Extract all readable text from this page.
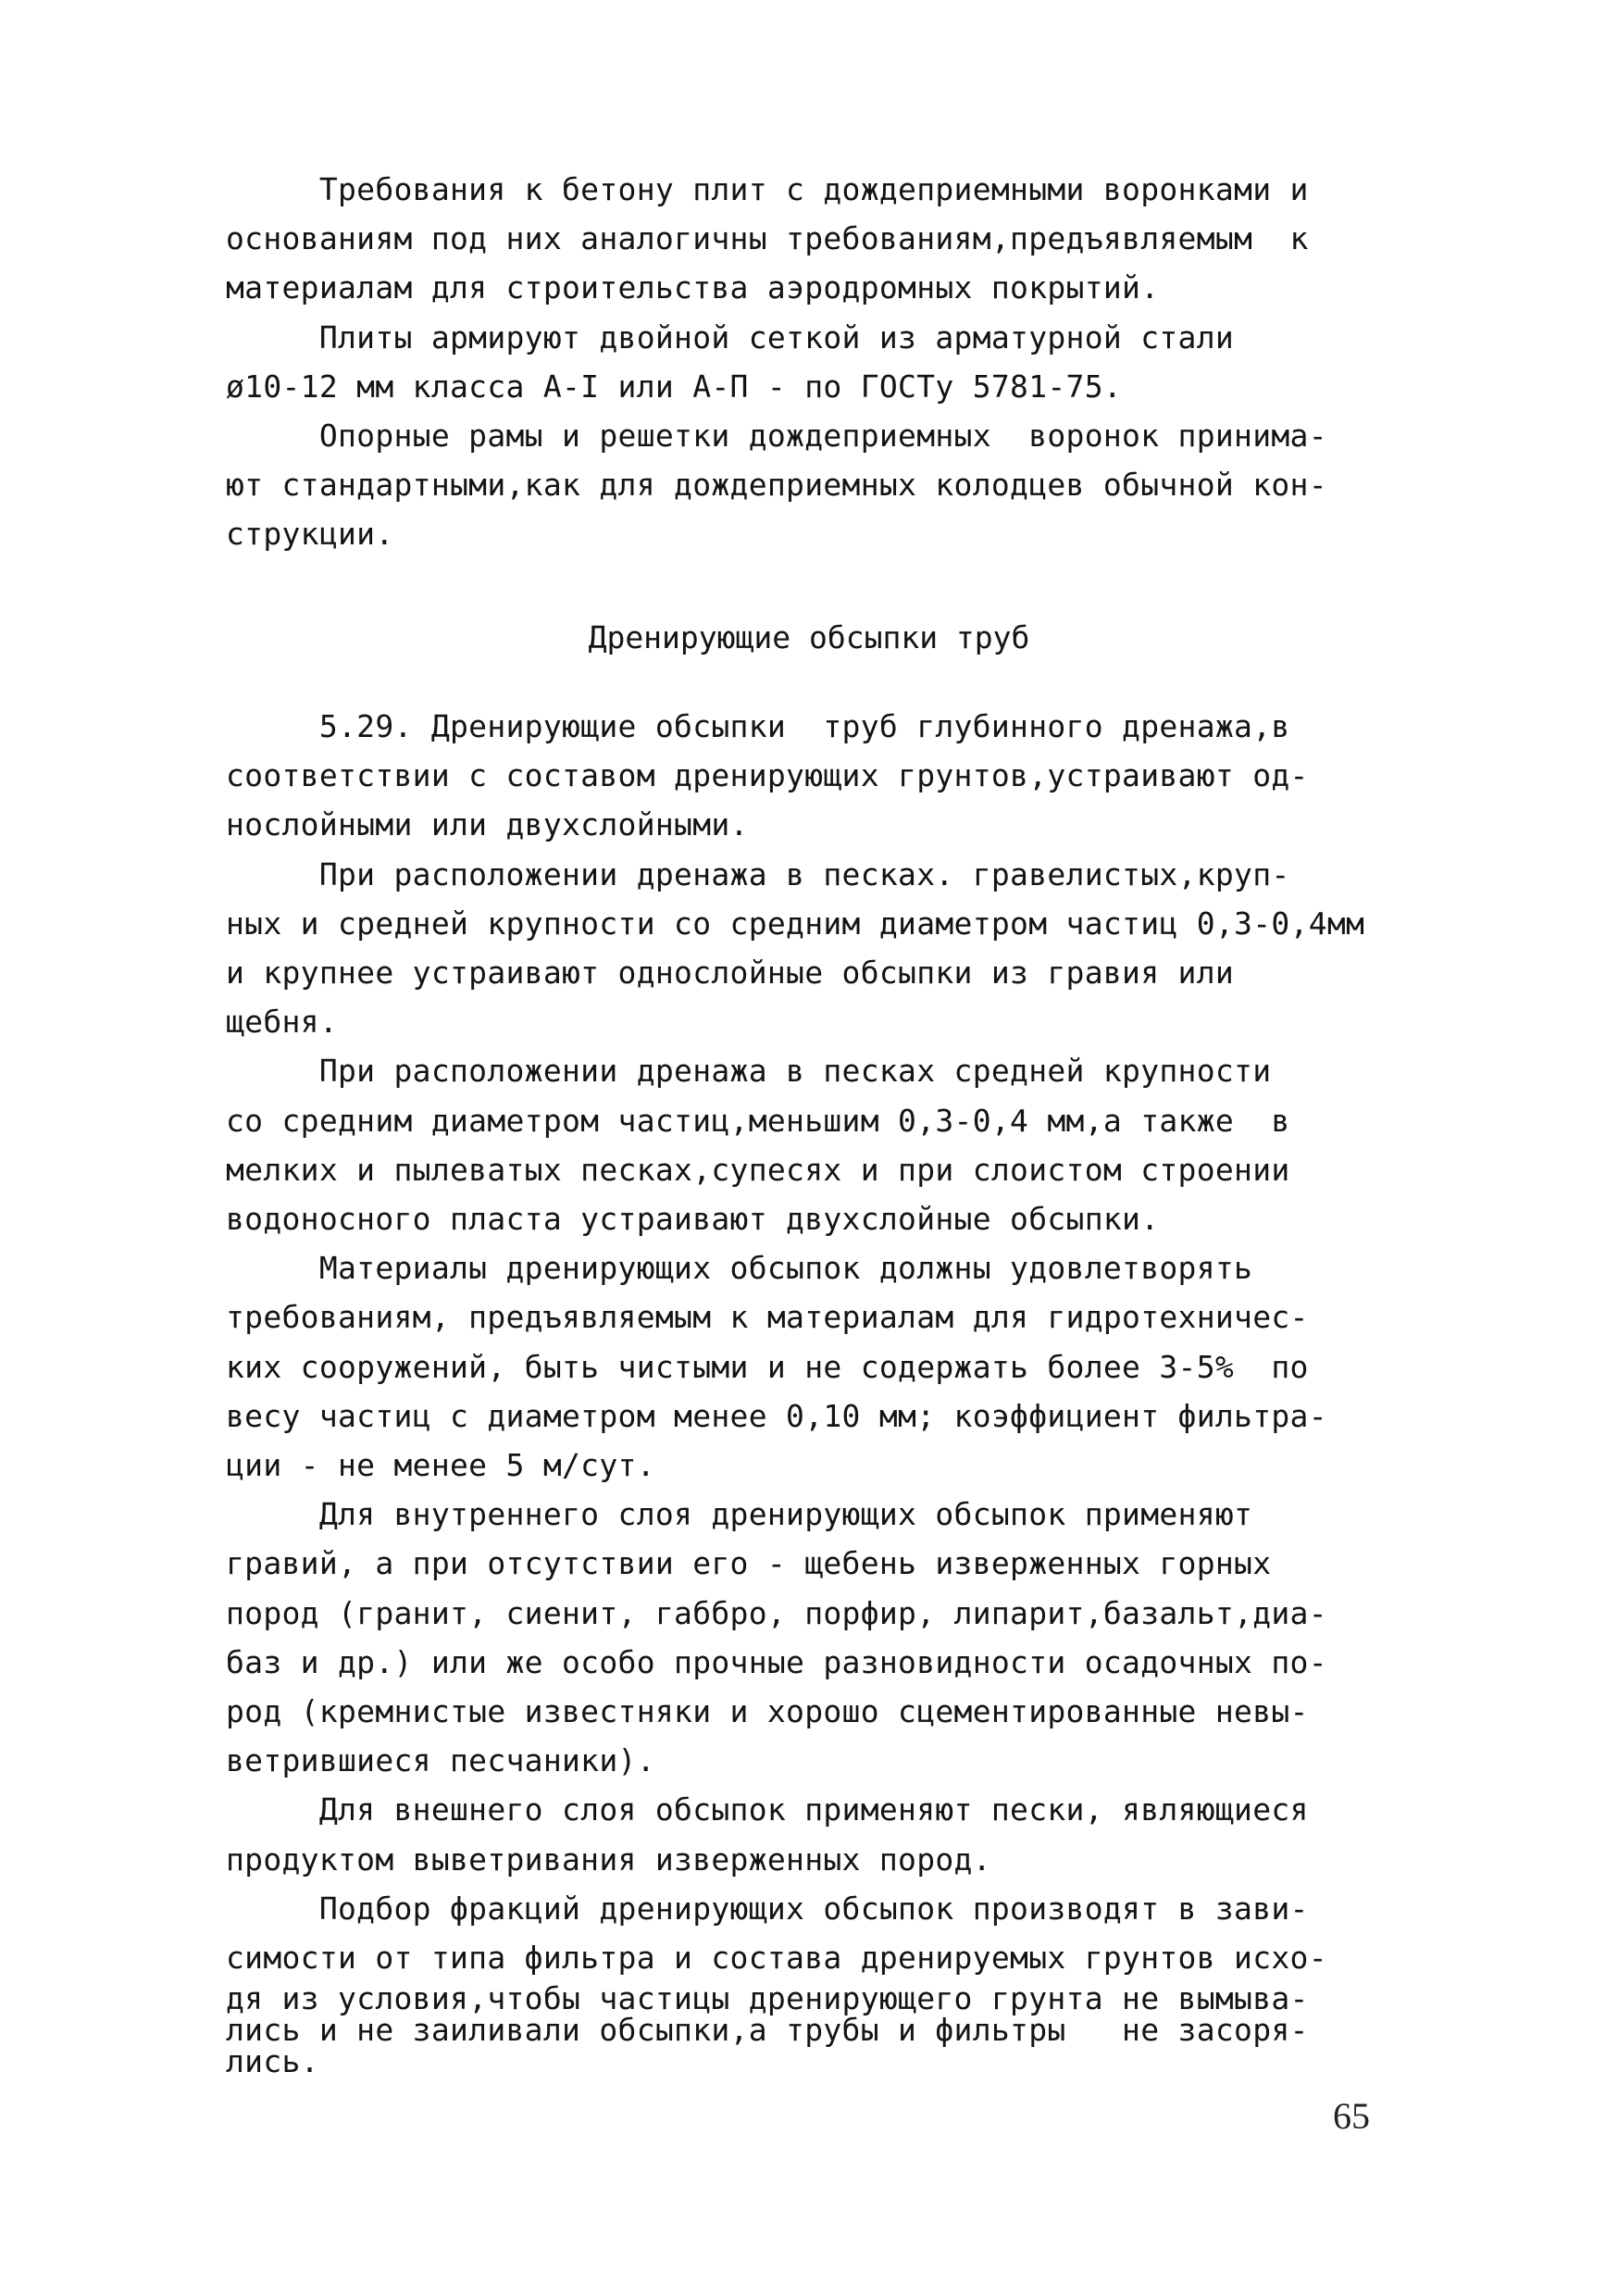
Требования к бетону плит с дождеприемными воронками и
основаниям под них аналогичны требованиям,предъявляемым  к
материалам для строительства аэродромных покрытий.
Плиты армируют двойной сеткой из арматурной стали
ø10-12 мм класса А-I или А-П - по ГОСТу 5781-75.
Опорные рамы и решетки дождеприемных  воронок принима-
ют стандартными,как для дождеприемных колодцев обычной кон-
струкции.
Дренирующие обсыпки труб
5.29. Дренирующие обсыпки  труб глубинного дренажа,в
соответствии с составом дренирующих грунтов,устраивают од-
нослойными или двухслойными.
При расположении дренажа в песках. гравелистых,круп-
ных и средней крупности со средним диаметром частиц 0,3-0,4мм
и крупнее устраивают однослойные обсыпки из гравия или
щебня.
При расположении дренажа в песках средней крупности
со средним диаметром частиц,меньшим 0,3-0,4 мм,а также  в
мелких и пылеватых песках,супесях и при слоистом строении
водоносного пласта устраивают двухслойные обсыпки.
Материалы дренирующих обсыпок должны удовлетворять
требованиям, предъявляемым к материалам для гидротехничес-
ких сооружений, быть чистыми и не содержать более 3-5%  по
весу частиц с диаметром менее 0,10 мм; коэффициент фильтра-
ции - не менее 5 м/сут.
Для внутреннего слоя дренирующих обсыпок применяют
гравий, а при отсутствии его - щебень изверженных горных
пород (гранит, сиенит, габбро, порфир, липарит,базальт,диа-
баз и др.) или же особо прочные разновидности осадочных по-
род (кремнистые известняки и хорошо сцементированные невы-
ветрившиеся песчаники).
Для внешнего слоя обсыпок применяют пески, являющиеся
продуктом выветривания изверженных пород.
Подбор фракций дренирующих обсыпок производят в зави-
симости от типа фильтра и состава дренируемых грунтов исхо-
дя из условия,чтобы частицы дренирующего грунта не вымыва-
лись и не заиливали обсыпки,а трубы и фильтры   не засоря-
лись.
65
